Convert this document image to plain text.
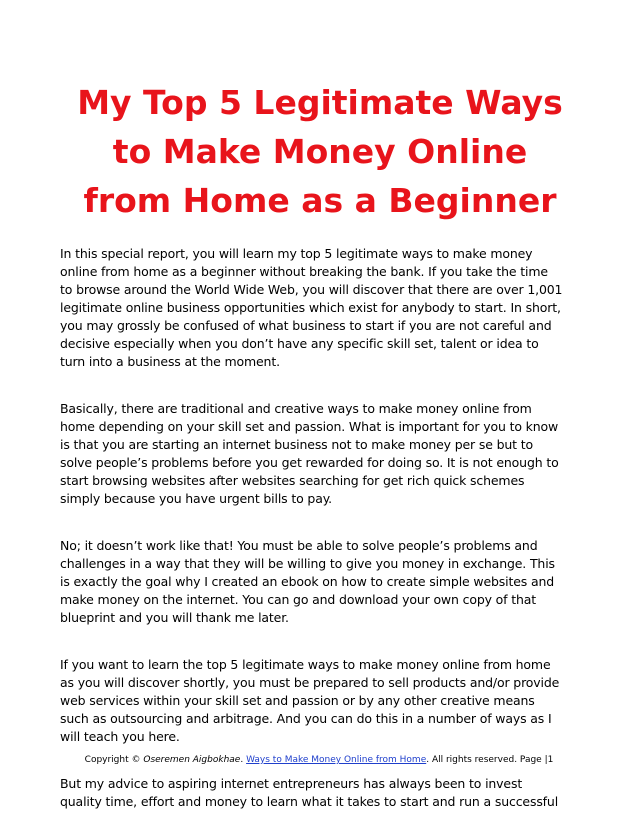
My Top 5 Legitimate Ways
to Make Money Online
from Home as a Beginner

In this special report, you will learn my top 5 legitimate ways to make money
online from home as a beginner without breaking the bank. If you take the time
to browse around the World Wide Web, you will discover that there are over 1,001
legitimate online business opportunities which exist for anybody to start. In short,
you may grossly be confused of what business to start if you are not careful and
decisive especially when you don’t have any specific skill set, talent or idea to
turn into a business at the moment.

Basically, there are traditional and creative ways to make money online from
home depending on your skill set and passion. What is important for you to know
is that you are starting an internet business not to make money per se but to
solve people’s problems before you get rewarded for doing so. It is not enough to
start browsing websites after websites searching for get rich quick schemes
simply because you have urgent bills to pay.

No; it doesn’t work like that! You must be able to solve people’s problems and
challenges in a way that they will be willing to give you money in exchange. This
is exactly the goal why I created an ebook on how to create simple websites and
make money on the internet. You can go and download your own copy of that
blueprint and you will thank me later.

If you want to learn the top 5 legitimate ways to make money online from home
as you will discover shortly, you must be prepared to sell products and/or provide
web services within your skill set and passion or by any other creative means
such as outsourcing and arbitrage. And you can do this in a number of ways as I
will teach you here.

But my advice to aspiring internet entrepreneurs has always been to invest
quality time, effort and money to learn what it takes to start and run a successful

Copyright © Oseremen Aigbokhae. Ways to Make Money Online from Home. All rights reserved. Page |1
